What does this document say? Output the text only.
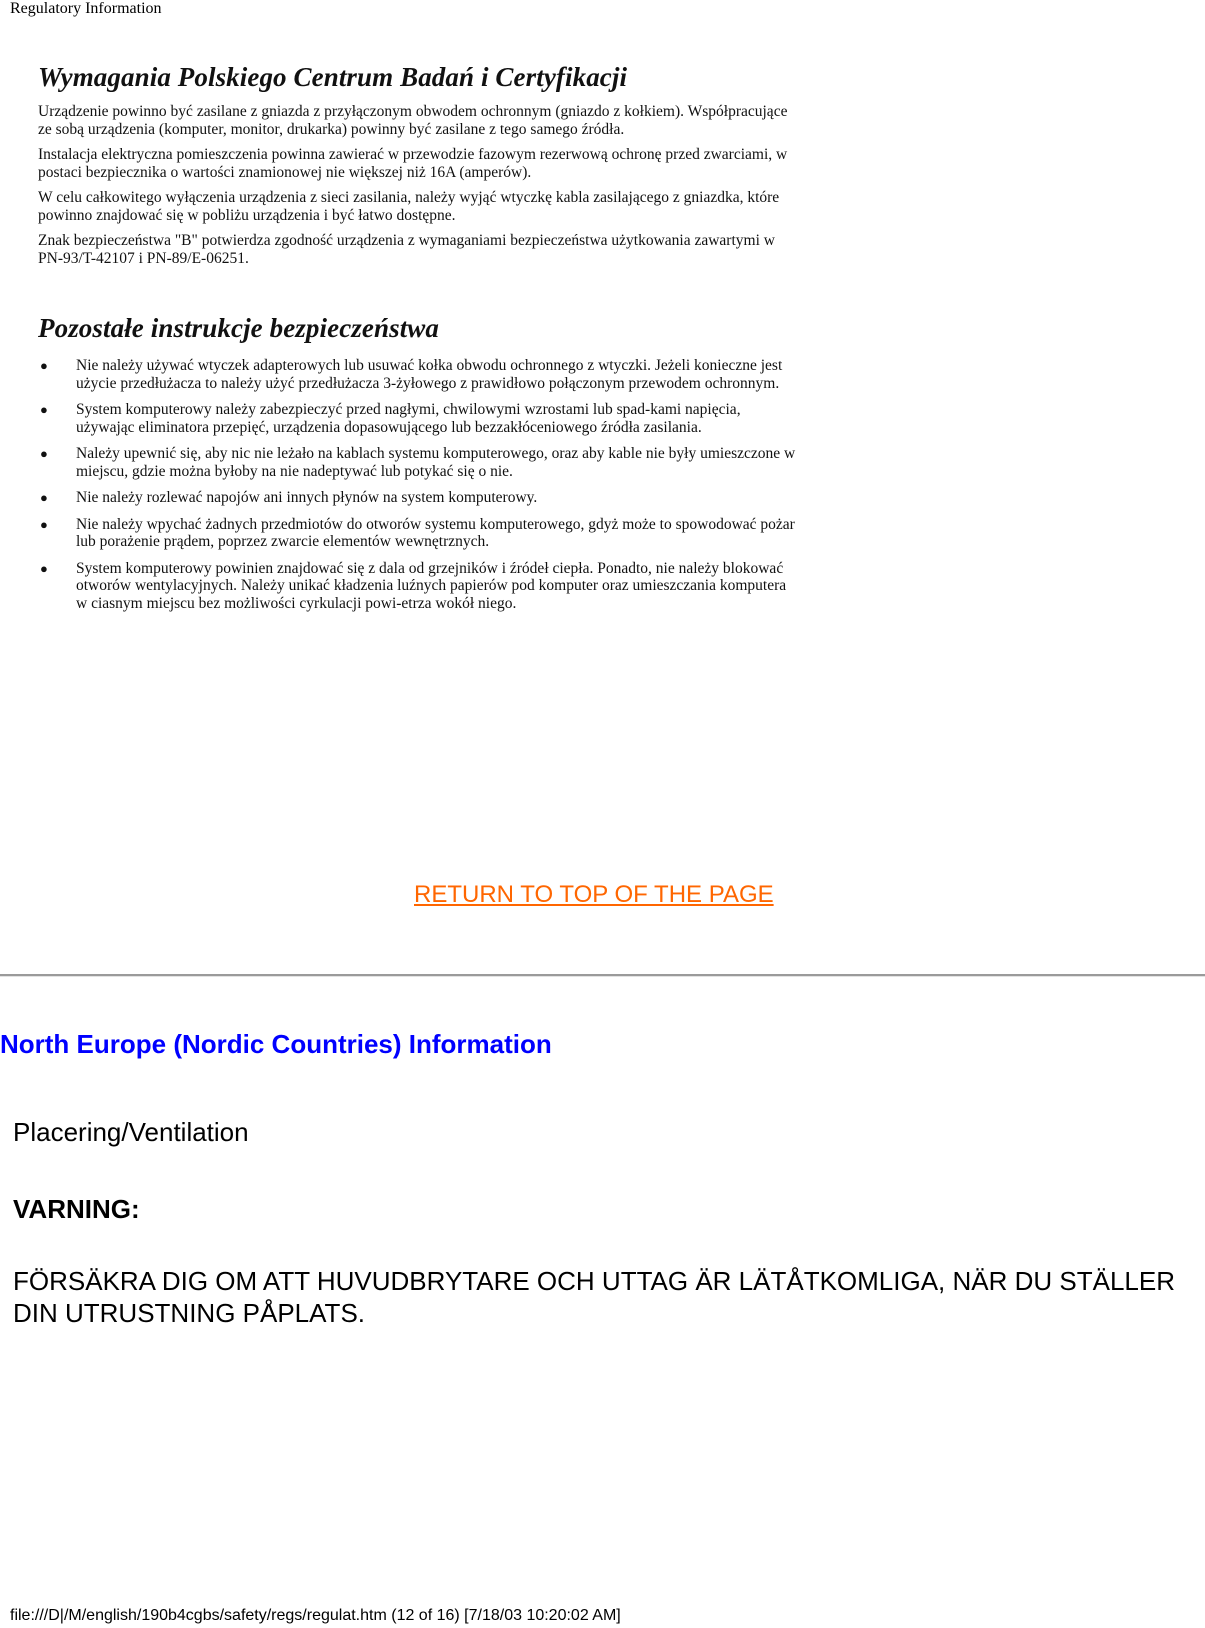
Regulatory Information
Wymagania Polskiego Centrum Badań i Certyfikacji

Urządzenie powinno być zasilane z gniazda z przyłączonym obwodem ochronnym (gniazdo z kołkiem). Współpracujące ze sobą urządzenia (komputer, monitor, drukarka) powinny być zasilane z tego samego źródła.

Instalacja elektryczna pomieszczenia powinna zawierać w przewodzie fazowym rezerwową ochronę przed zwarciami, w postaci bezpiecznika o wartości znamionowej nie większej niż 16A (amperów).

W celu całkowitego wyłączenia urządzenia z sieci zasilania, należy wyjąć wtyczkę kabla zasilającego z gniazdka, które powinno znajdować się w pobliżu urządzenia i być łatwo dostępne.

Znak bezpieczeństwa "B" potwierdza zgodność urządzenia z wymaganiami bezpieczeństwa użytkowania zawartymi w PN-93/T-42107 i PN-89/E-06251.

Pozostałe instrukcje bezpieczeństwa
● Nie należy używać wtyczek adapterowych lub usuwać kołka obwodu ochronnego z wtyczki. Jeżeli konieczne jest użycie przedłużacza to należy użyć przedłużacza 3-żyłowego z prawidłowo połączonym przewodem ochronnym.
● System komputerowy należy zabezpieczyć przed nagłymi, chwilowymi wzrostami lub spad-kami napięcia, używając eliminatora przepięć, urządzenia dopasowującego lub bezzakłóceniowego źródła zasilania.
● Należy upewnić się, aby nic nie leżało na kablach systemu komputerowego, oraz aby kable nie były umieszczone w miejscu, gdzie można byłoby na nie nadeptywać lub potykać się o nie.
● Nie należy rozlewać napojów ani innych płynów na system komputerowy.
● Nie należy wpychać żadnych przedmiotów do otworów systemu komputerowego, gdyż może to spowodować pożar lub porażenie prądem, poprzez zwarcie elementów wewnętrznych.
● System komputerowy powinien znajdować się z dala od grzejników i źródeł ciepła. Ponadto, nie należy blokować otworów wentylacyjnych. Należy unikać kładzenia luźnych papierów pod komputer oraz umieszczania komputera w ciasnym miejscu bez możliwości cyrkulacji powi-etrza wokół niego.
RETURN TO TOP OF THE PAGE
North Europe (Nordic Countries) Information
Placering/Ventilation
VARNING:
FÖRSÄKRA DIG OM ATT HUVUDBRYTARE OCH UTTAG ÄR LÄTÅTKOMLIGA, NÄR DU STÄLLER DIN UTRUSTNING PÅPLATS.
file:///D|/M/english/190b4cgbs/safety/regs/regulat.htm (12 of 16) [7/18/03 10:20:02 AM]
